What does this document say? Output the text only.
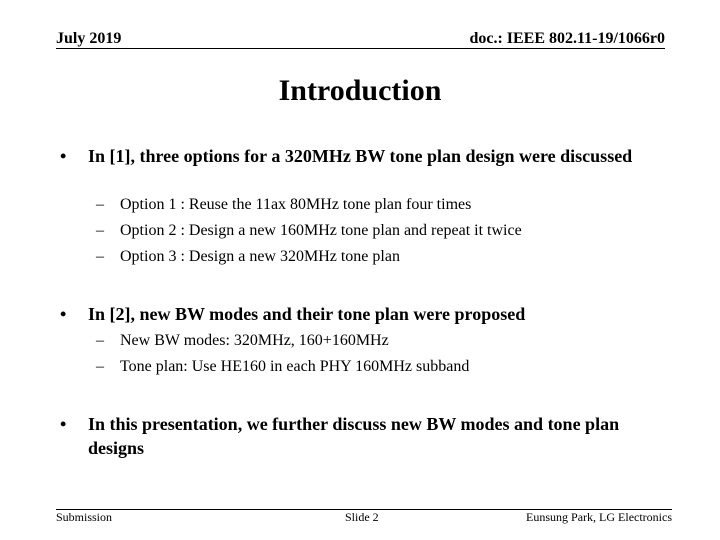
July 2019	doc.: IEEE 802.11-19/1066r0
Introduction
•	In [1], three options for a 320MHz BW tone plan design were discussed
–	Option 1 : Reuse the 11ax 80MHz tone plan four times
–	Option 2 : Design a new 160MHz tone plan and repeat it twice
–	Option 3 : Design a new 320MHz tone plan
•	In [2], new BW modes and their tone plan were proposed
–	New BW modes: 320MHz, 160+160MHz
–	Tone plan: Use HE160 in each PHY 160MHz subband
•	In this presentation, we further discuss new BW modes and tone plan designs
Submission	Slide 2	Eunsung Park, LG Electronics
